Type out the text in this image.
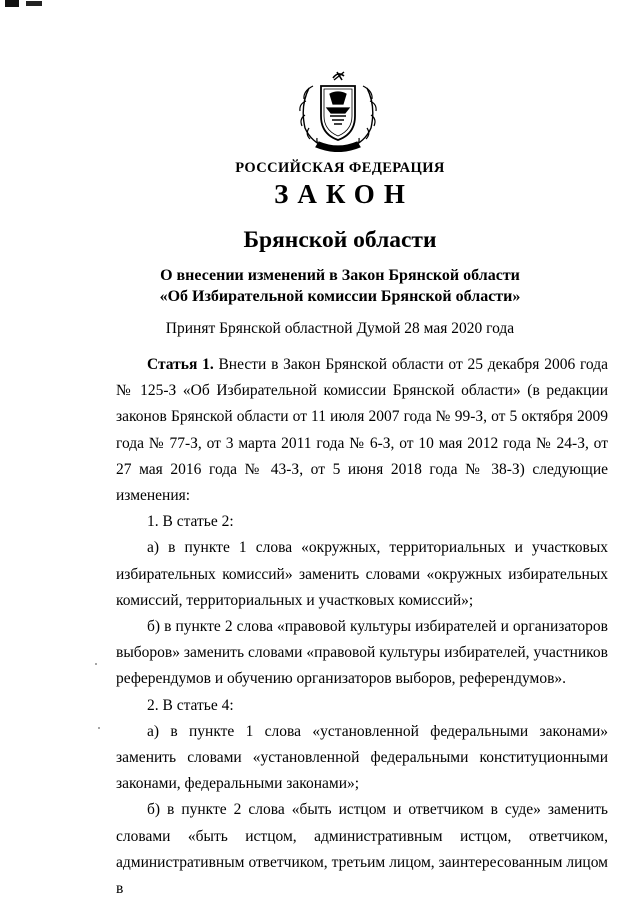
РОССИЙСКАЯ ФЕДЕРАЦИЯ
ЗАКОН
Брянской области
О внесении изменений в Закон Брянской области
«Об Избирательной комиссии Брянской области»
Принят Брянской областной Думой 28 мая 2020 года

Статья 1. Внести в Закон Брянской области от 25 декабря 2006 года № 125-З «Об Избирательной комиссии Брянской области» (в редакции законов Брянской области от 11 июля 2007 года № 99-З, от 5 октября 2009 года № 77-З, от 3 марта 2011 года № 6-З, от 10 мая 2012 года № 24-З, от 27 мая 2016 года № 43-З, от 5 июня 2018 года № 38-З) следующие изменения:

1. В статье 2:

а) в пункте 1 слова «окружных, территориальных и участковых избирательных комиссий» заменить словами «окружных избирательных комиссий, территориальных и участковых комиссий»;

б) в пункте 2 слова «правовой культуры избирателей и организаторов выборов» заменить словами «правовой культуры избирателей, участников референдумов и обучению организаторов выборов, референдумов».

2. В статье 4:

а) в пункте 1 слова «установленной федеральными законами» заменить словами «установленной федеральными конституционными законами, федеральными законами»;

б) в пункте 2 слова «быть истцом и ответчиком в суде» заменить словами «быть истцом, административным истцом, ответчиком, административным ответчиком, третьим лицом, заинтересованным лицом в
